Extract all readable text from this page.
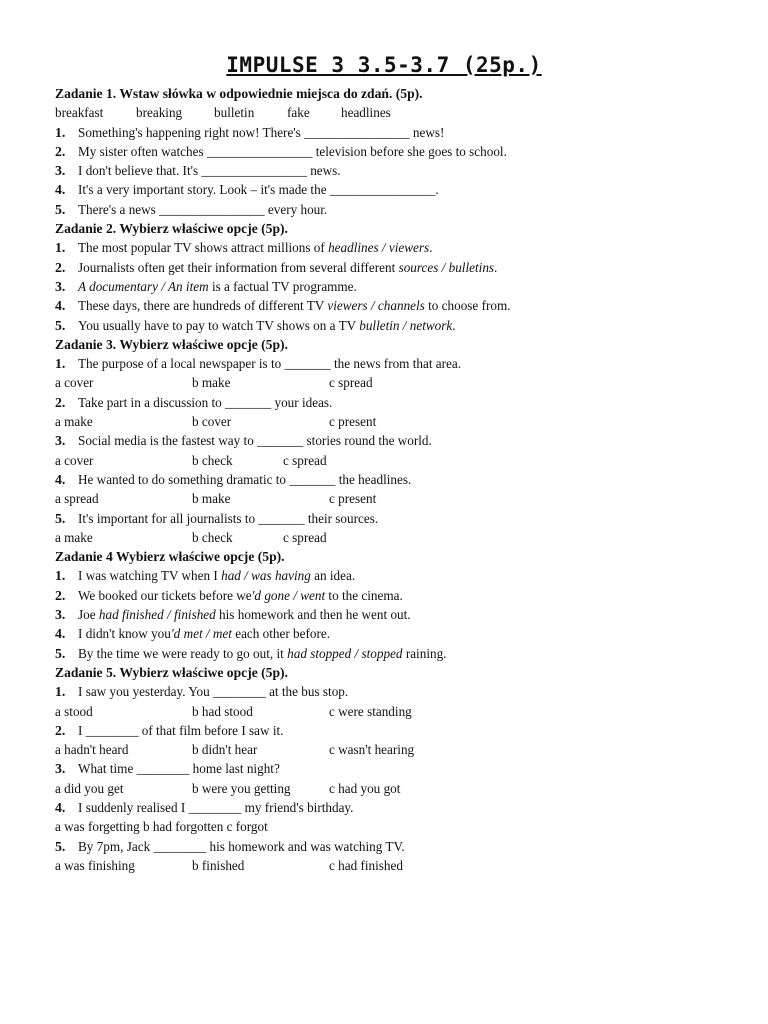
IMPULSE 3 3.5-3.7 (25p.)
Zadanie 1. Wstaw słówka w odpowiednie miejsca do zdań. (5p).
breakfast breaking bulletin fake headlines
1. Something's happening right now! There's ________________ news!
2. My sister often watches ________________ television before she goes to school.
3. I don't believe that. It's ________________ news.
4. It's a very important story. Look – it's made the ________________.
5. There's a news ________________ every hour.
Zadanie 2. Wybierz właściwe opcje (5p).
1. The most popular TV shows attract millions of headlines / viewers.
2. Journalists often get their information from several different sources / bulletins.
3. A documentary / An item is a factual TV programme.
4. These days, there are hundreds of different TV viewers / channels to choose from.
5. You usually have to pay to watch TV shows on a TV bulletin / network.
Zadanie 3. Wybierz właściwe opcje (5p).
1. The purpose of a local newspaper is to _______ the news from that area.
a cover	b make	c spread
2. Take part in a discussion to _______ your ideas.
a make	b cover	c present
3. Social media is the fastest way to _______ stories round the world.
a cover	b check	c spread
4. He wanted to do something dramatic to _______ the headlines.
a spread	b make	c present
5. It's important for all journalists to _______ their sources.
a make	b check	c spread
Zadanie 4 Wybierz właściwe opcje (5p).
1. I was watching TV when I had / was having an idea.
2. We booked our tickets before we'd gone / went to the cinema.
3. Joe had finished / finished his homework and then he went out.
4. I didn't know you'd met / met each other before.
5. By the time we were ready to go out, it had stopped / stopped raining.
Zadanie 5. Wybierz właściwe opcje (5p).
1. I saw you yesterday. You ________ at the bus stop.
a stood	b had stood	c were standing
2. I ________ of that film before I saw it.
a hadn't heard	b didn't hear	c wasn't hearing
3. What time ________ home last night?
a did you get	b were you getting	c had you got
4. I suddenly realised I ________ my friend's birthday.
a was forgetting b had forgotten c forgot
5. By 7pm, Jack ________ his homework and was watching TV.
a was finishing	b finished	c had finished
